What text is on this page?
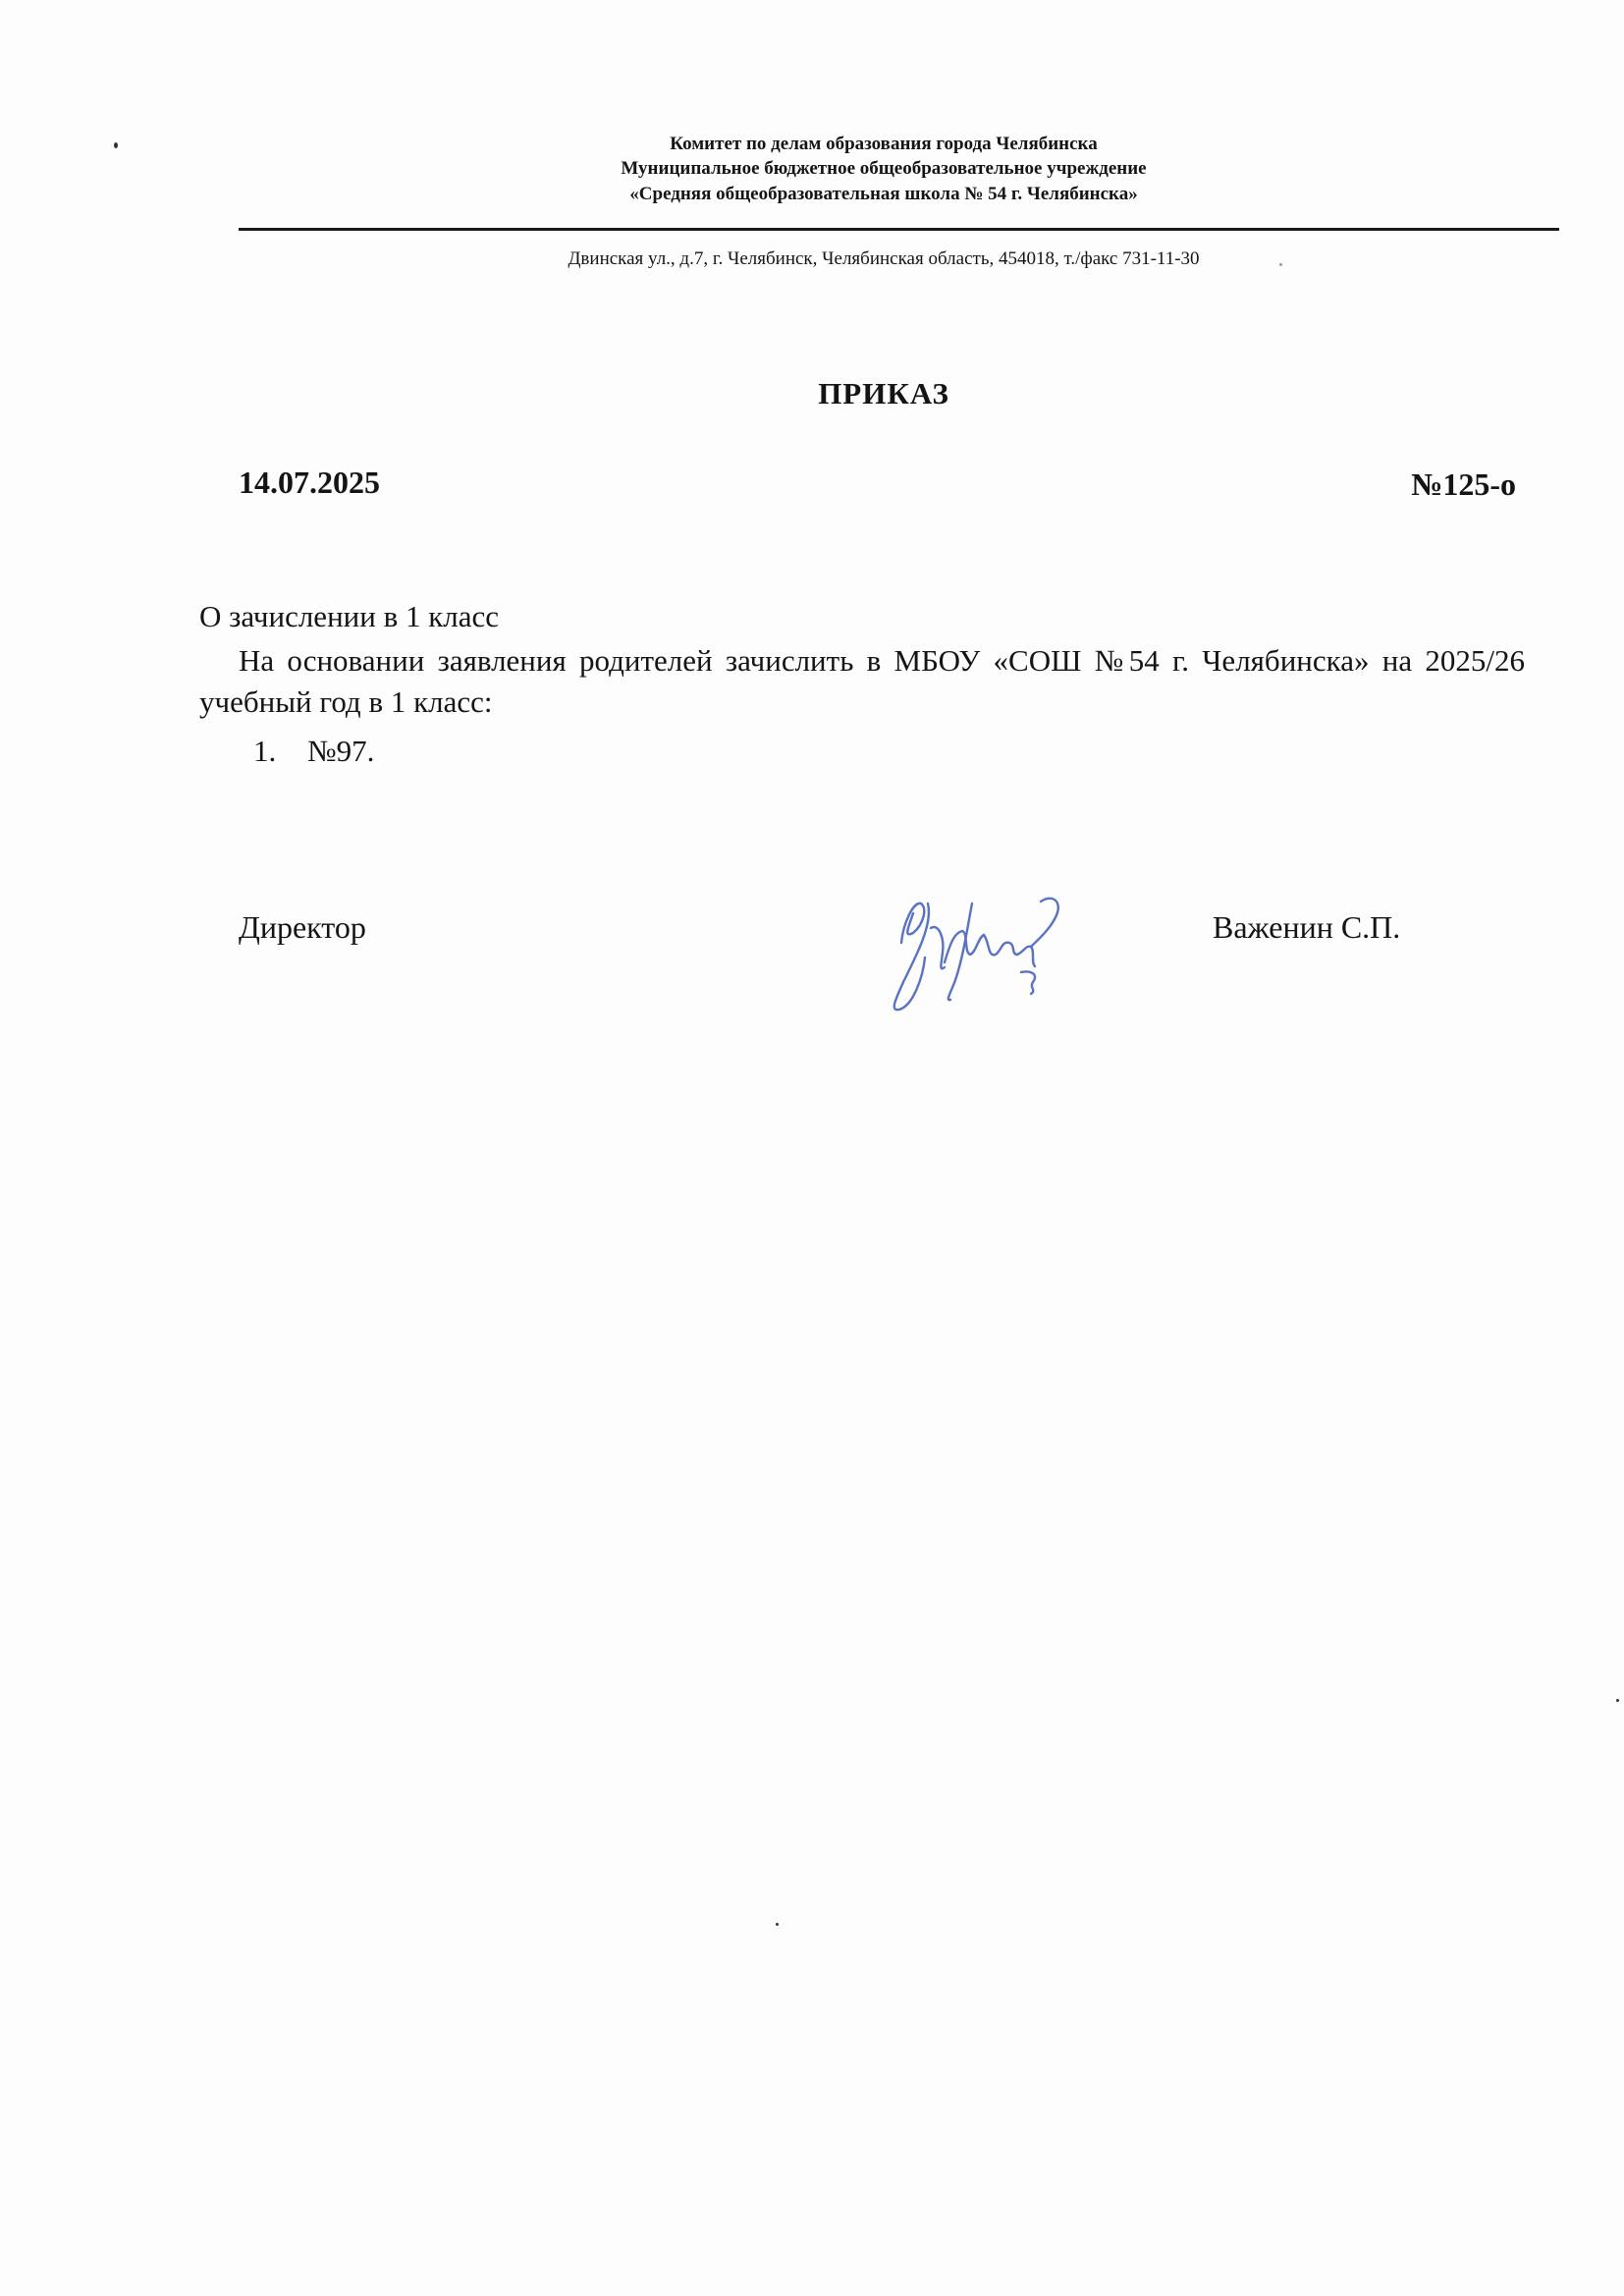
Комитет по делам образования города Челябинска
Муниципальное бюджетное общеобразовательное учреждение
«Средняя общеобразовательная школа № 54 г. Челябинска»
Двинская ул., д.7, г. Челябинск, Челябинская область, 454018, т./факс 731-11-30
ПРИКАЗ
14.07.2025	№125-о
О зачислении в 1 класс
На основании заявления родителей зачислить в МБОУ «СОШ №54 г. Челябинска» на 2025/26 учебный год в 1 класс:
1. №97.
Директор	Важенин С.П.
